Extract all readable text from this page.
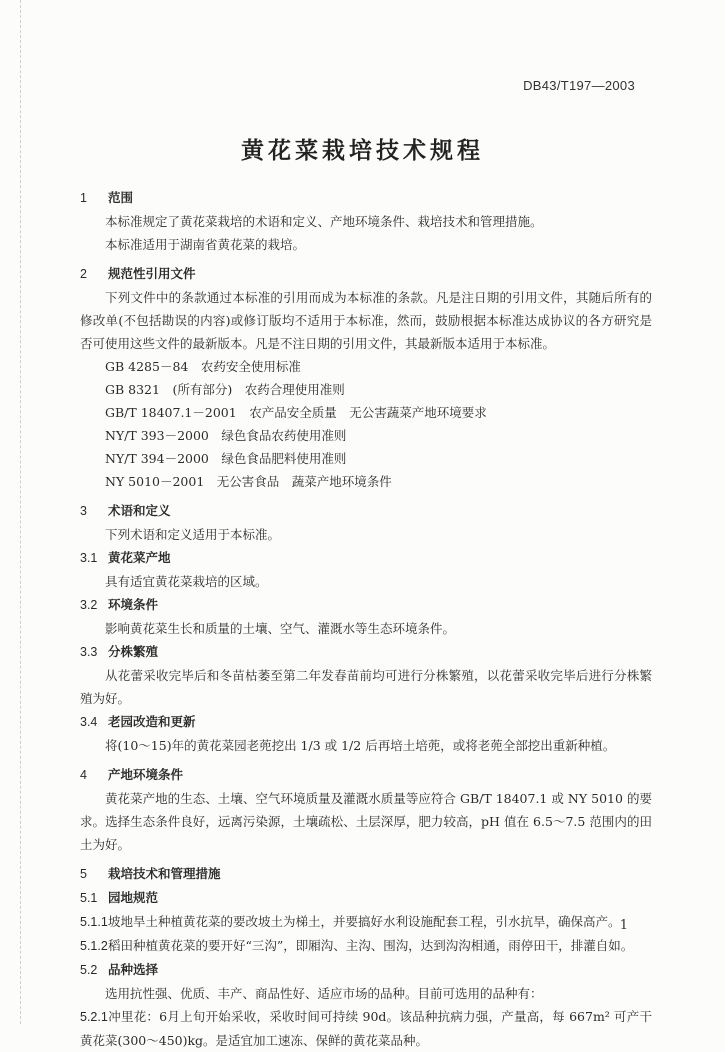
DB43/T197—2003
黄花菜栽培技术规程
1 范围
本标准规定了黄花菜栽培的术语和定义、产地环境条件、栽培技术和管理措施。
本标准适用于湖南省黄花菜的栽培。
2 规范性引用文件
下列文件中的条款通过本标准的引用而成为本标准的条款。凡是注日期的引用文件，其随后所有的修改单(不包括勘误的内容)或修订版均不适用于本标准，然而，鼓励根据本标准达成协议的各方研究是否可使用这些文件的最新版本。凡是不注日期的引用文件，其最新版本适用于本标准。
GB 4285－84　农药安全使用标准
GB 8321　(所有部分)　农药合理使用准则
GB/T 18407.1－2001　农产品安全质量　无公害蔬菜产地环境要求
NY/T 393－2000　绿色食品农药使用准则
NY/T 394－2000　绿色食品肥料使用准则
NY 5010－2001　无公害食品　蔬菜产地环境条件
3 术语和定义
下列术语和定义适用于本标准。
3.1 黄花菜产地
具有适宜黄花菜栽培的区域。
3.2 环境条件
影响黄花菜生长和质量的土壤、空气、灌溉水等生态环境条件。
3.3 分株繁殖
从花蕾采收完毕后和冬苗枯萎至第二年发春苗前均可进行分株繁殖，以花蕾采收完毕后进行分株繁殖为好。
3.4 老园改造和更新
将(10～15)年的黄花菜园老蔸挖出 1/3 或 1/2 后再培土培蔸，或将老蔸全部挖出重新种植。
4 产地环境条件
黄花菜产地的生态、土壤、空气环境质量及灌溉水质量等应符合 GB/T 18407.1 或 NY 5010 的要求。选择生态条件良好，远离污染源，土壤疏松、土层深厚，肥力较高，pH 值在 6.5～7.5 范围内的田土为好。
5 栽培技术和管理措施
5.1 园地规范
5.1.1坡地旱土种植黄花菜的要改坡土为梯土，并要搞好水利设施配套工程，引水抗旱，确保高产。
5.1.2稻田种植黄花菜的要开好“三沟”，即厢沟、主沟、围沟，达到沟沟相通，雨停田干，排灌自如。
5.2 品种选择
选用抗性强、优质、丰产、商品性好、适应市场的品种。目前可选用的品种有：
5.2.1冲里花：6月上旬开始采收，采收时间可持续 90d。该品种抗病力强，产量高，每 667m² 可产干黄花菜(300～450)kg。是适宜加工速冻、保鲜的黄花菜品种。
1
